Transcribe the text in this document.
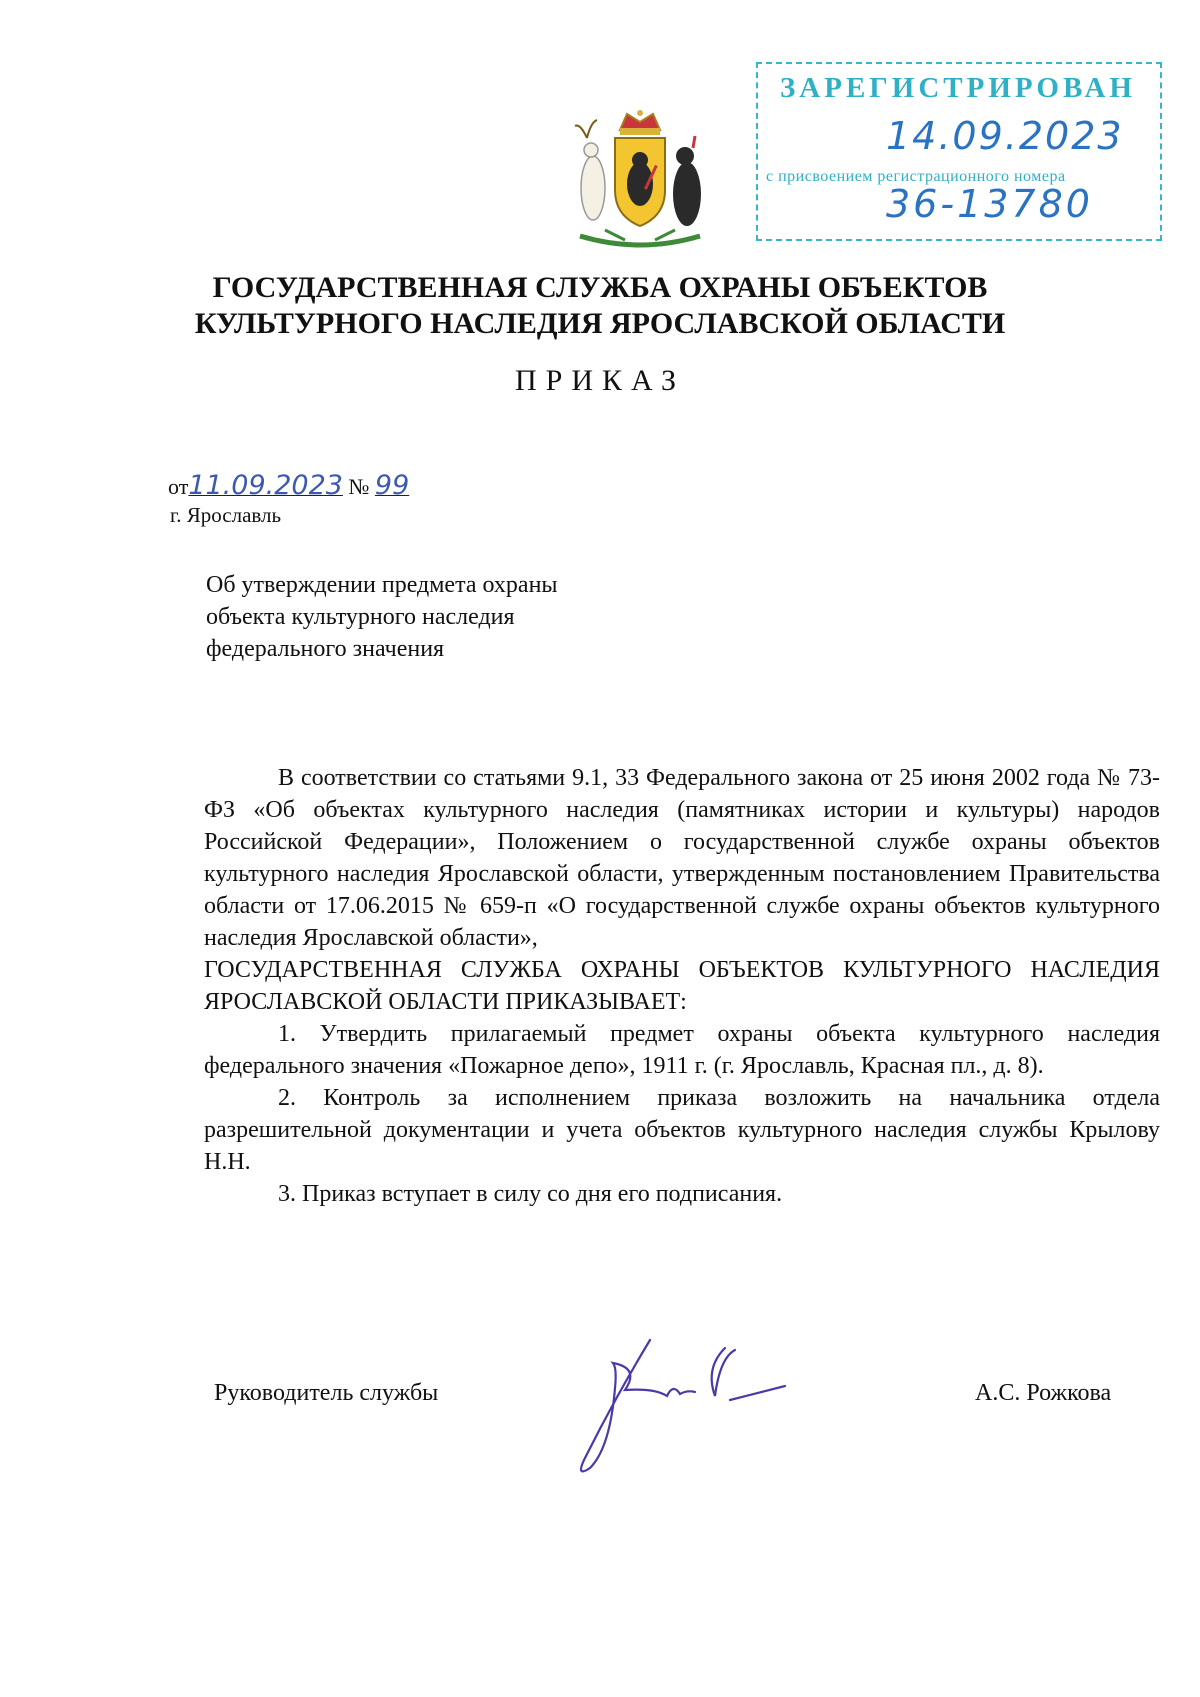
ЗАРЕГИСТРИРОВАН
14.09.2023
с присвоением регистрационного номера
36-13780
ГОСУДАРСТВЕННАЯ СЛУЖБА ОХРАНЫ ОБЪЕКТОВ
КУЛЬТУРНОГО НАСЛЕДИЯ ЯРОСЛАВСКОЙ ОБЛАСТИ
ПРИКАЗ
от11.09.2023 № 99
г. Ярославль
Об утверждении предмета охраны объекта культурного наследия федерального значения

В соответствии со статьями 9.1, 33 Федерального закона от 25 июня 2002 года № 73-ФЗ «Об объектах культурного наследия (памятниках истории и культуры) народов Российской Федерации», Положением о государственной службе охраны объектов культурного наследия Ярославской области, утвержденным постановлением Правительства области от 17.06.2015 № 659-п «О государственной службе охраны объектов культурного наследия Ярославской области»,

ГОСУДАРСТВЕННАЯ СЛУЖБА ОХРАНЫ ОБЪЕКТОВ КУЛЬТУРНОГО НАСЛЕДИЯ ЯРОСЛАВСКОЙ ОБЛАСТИ ПРИКАЗЫВАЕТ:

1. Утвердить прилагаемый предмет охраны объекта культурного наследия федерального значения «Пожарное депо», 1911 г. (г. Ярославль, Красная пл., д. 8).

2. Контроль за исполнением приказа возложить на начальника отдела разрешительной документации и учета объектов культурного наследия службы Крылову Н.Н.

3. Приказ вступает в силу со дня его подписания.

Руководитель службы	А.С. Рожкова
